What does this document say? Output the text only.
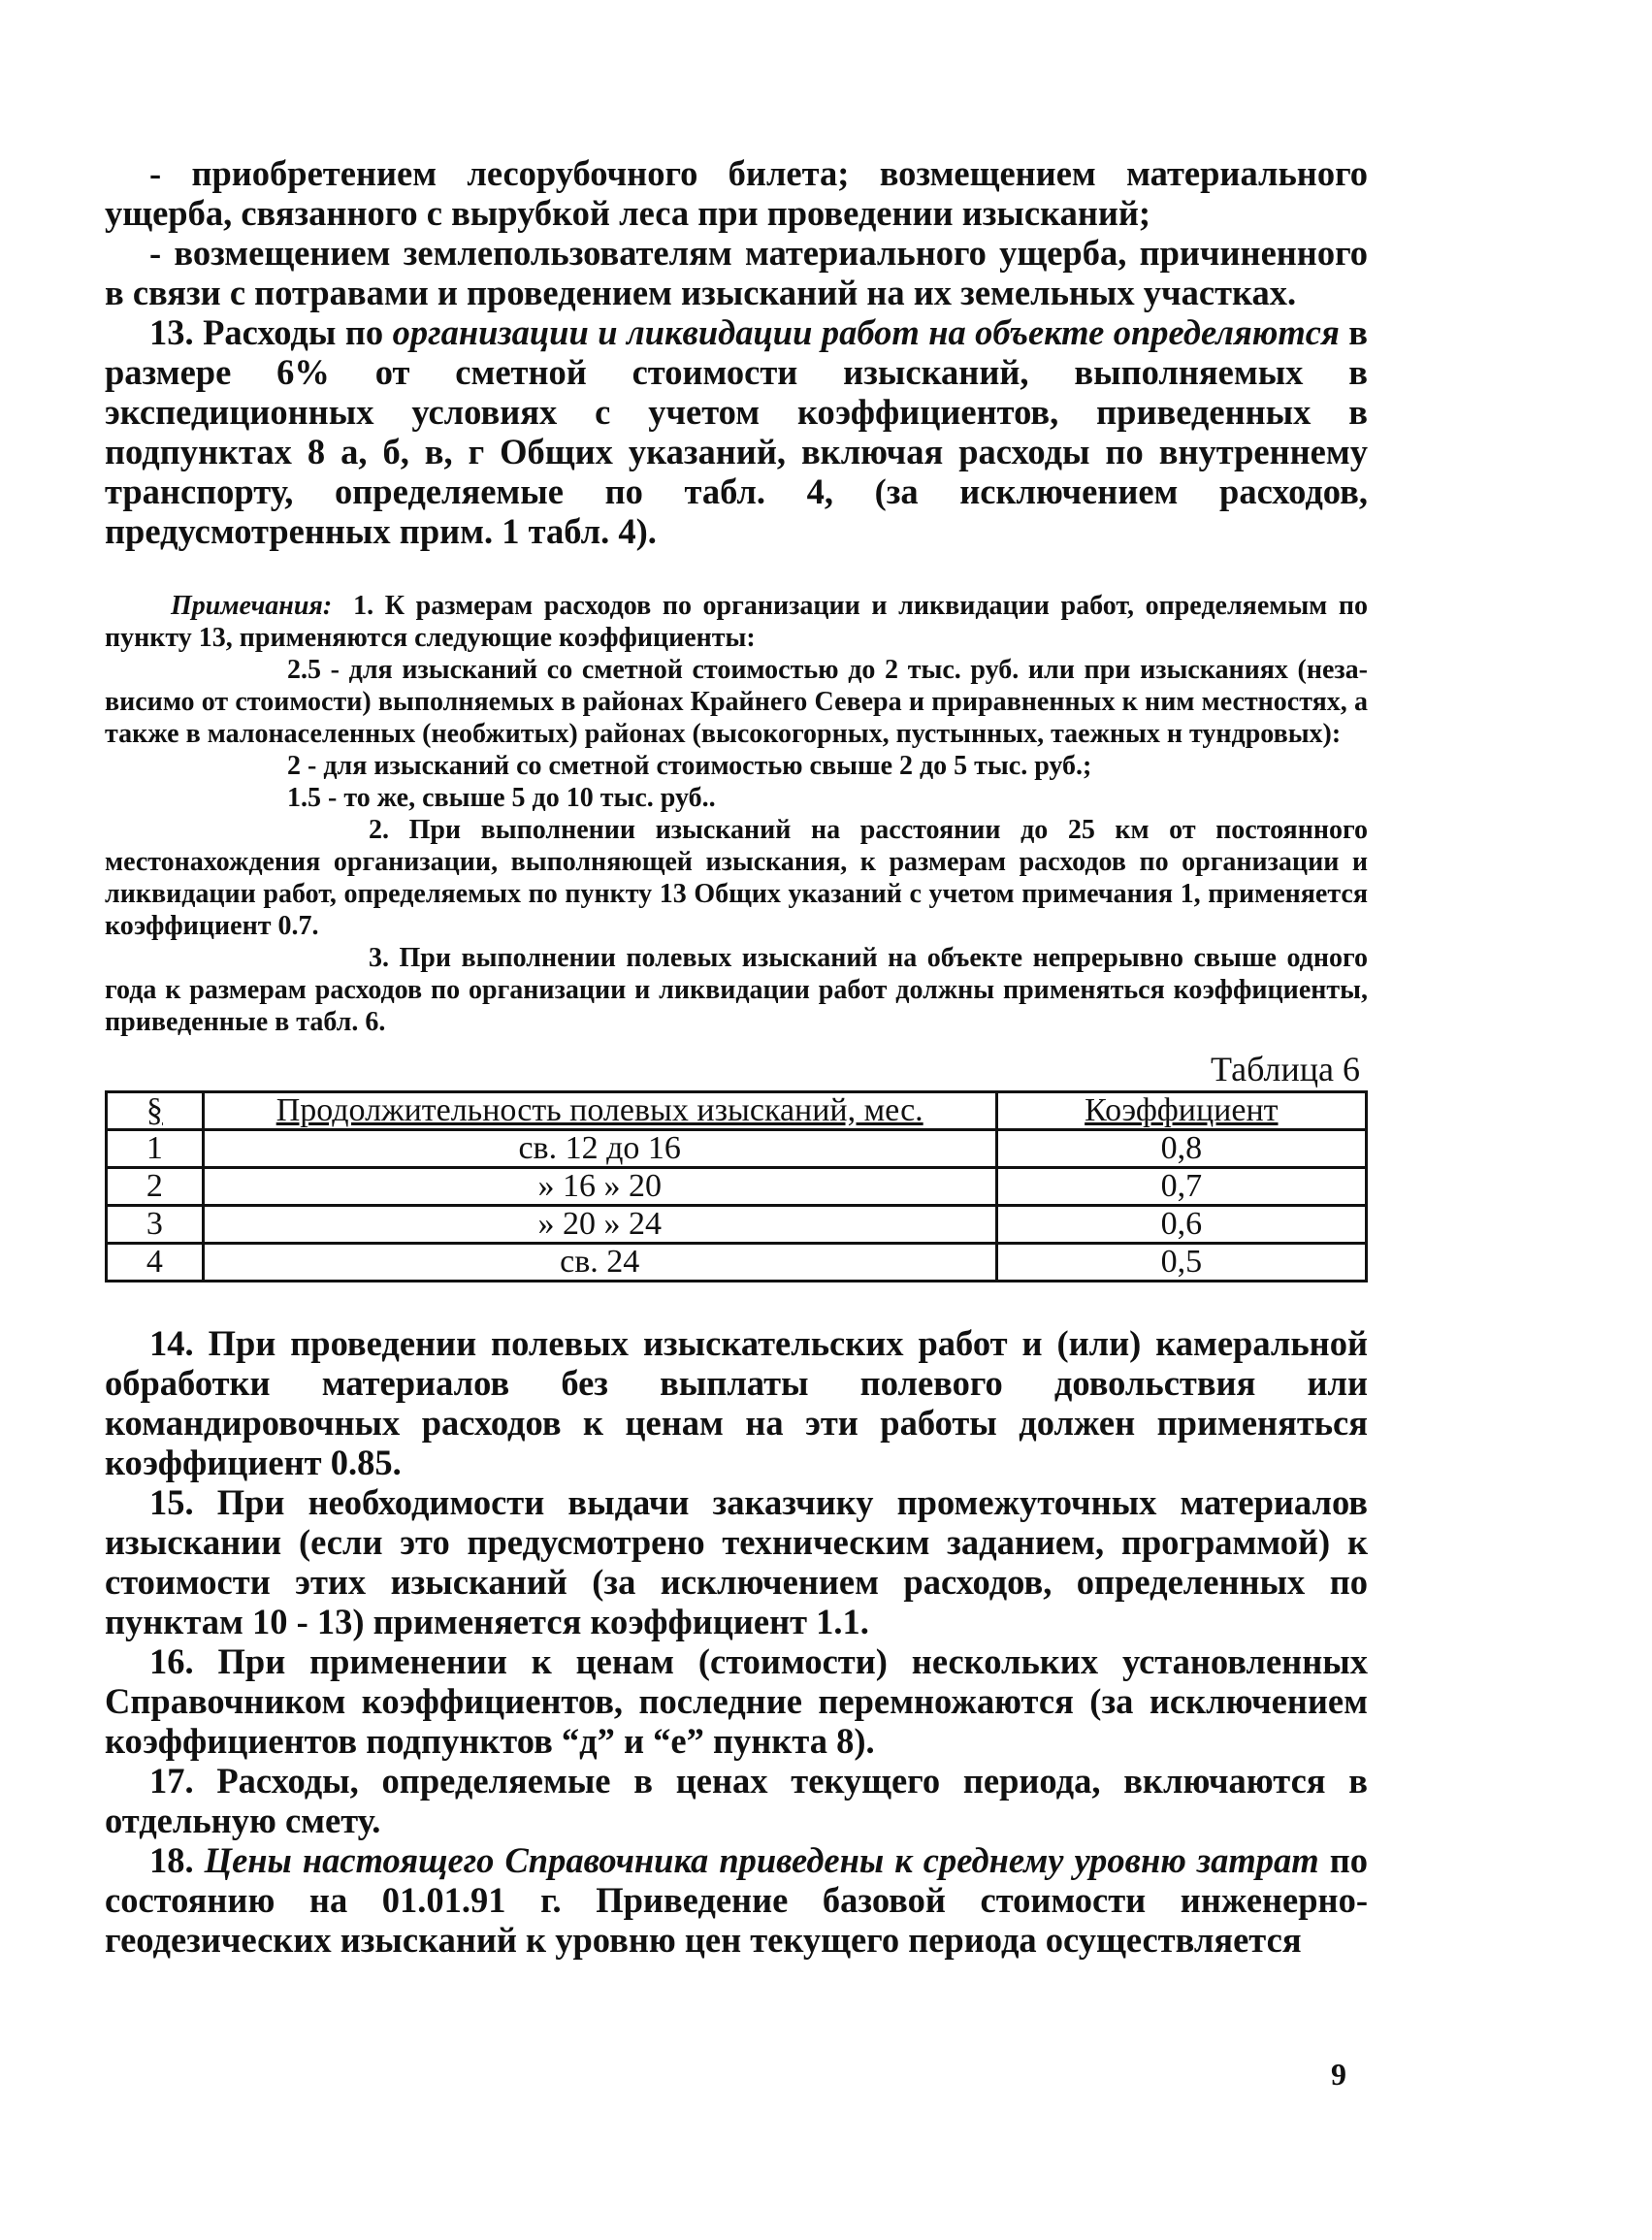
- приобретением лесорубочного билета; возмещением материального ущерба, связанного с вырубкой леса при проведении изысканий;

- возмещением землепользователям материального ущерба, причиненного в связи с потравами и проведением изысканий на их земельных участках.

13. Расходы по организации и ликвидации работ на объекте определяются в размере 6% от сметной стоимости изысканий, выполняемых в экспедиционных условиях с учетом коэффициентов, приведенных в подпунктах 8 а, б, в, г Общих указаний, включая расходы по внутреннему транспорту, определяемые по табл. 4, (за исключением расходов, предусмотренных прим. 1 табл. 4).

Примечания: 1. К размерам расходов по организации и ликвидации работ, определяемым по пункту 13, применяются следующие коэффициенты:

2.5 - для изысканий со сметной стоимостью до 2 тыс. руб. или при изысканиях (неза-висимо от стоимости) выполняемых в районах Крайнего Севера и приравненных к ним местностях, а также в малонаселенных (необжитых) районах (высокогорных, пустынных, таежных н тундровых):

2 - для изысканий со сметной стоимостью свыше 2 до 5 тыс. руб.;

1.5 - то же, свыше 5 до 10 тыс. руб..

2. При выполнении изысканий на расстоянии до 25 км от постоянного местонахождения организации, выполняющей изыскания, к размерам расходов по организации и ликвидации работ, определяемых по пункту 13 Общих указаний с учетом примечания 1, применяется коэффициент 0.7.

3. При выполнении полевых изысканий на объекте непрерывно свыше одного года к размерам расходов по организации и ликвидации работ должны применяться коэффициенты, приведенные в табл. 6.

Таблица 6
§	Продолжительность полевых изысканий, мес.	Коэффициент
1	св. 12 до 16	0,8
2	» 16 » 20	0,7
3	» 20 » 24	0,6
4	св. 24	0,5

14. При проведении полевых изыскательских работ и (или) камеральной обработки материалов без выплаты полевого довольствия или командировочных расходов к ценам на эти работы должен применяться коэффициент 0.85.

15. При необходимости выдачи заказчику промежуточных материалов изыскании (если это предусмотрено техническим заданием, программой) к стоимости этих изысканий (за исключением расходов, определенных по пунктам 10 - 13) применяется коэффициент 1.1.

16. При применении к ценам (стоимости) нескольких установленных Справочником коэффициентов, последние перемножаются (за исключением коэффициентов подпунктов “д” и “е” пункта 8).

17. Расходы, определяемые в ценах текущего периода, включаются в отдельную смету.

18. Цены настоящего Справочника приведены к среднему уровню затрат по состоянию на 01.01.91 г. Приведение базовой стоимости инженерно-геодезических изысканий к уровню цен текущего периода осуществляется

9
